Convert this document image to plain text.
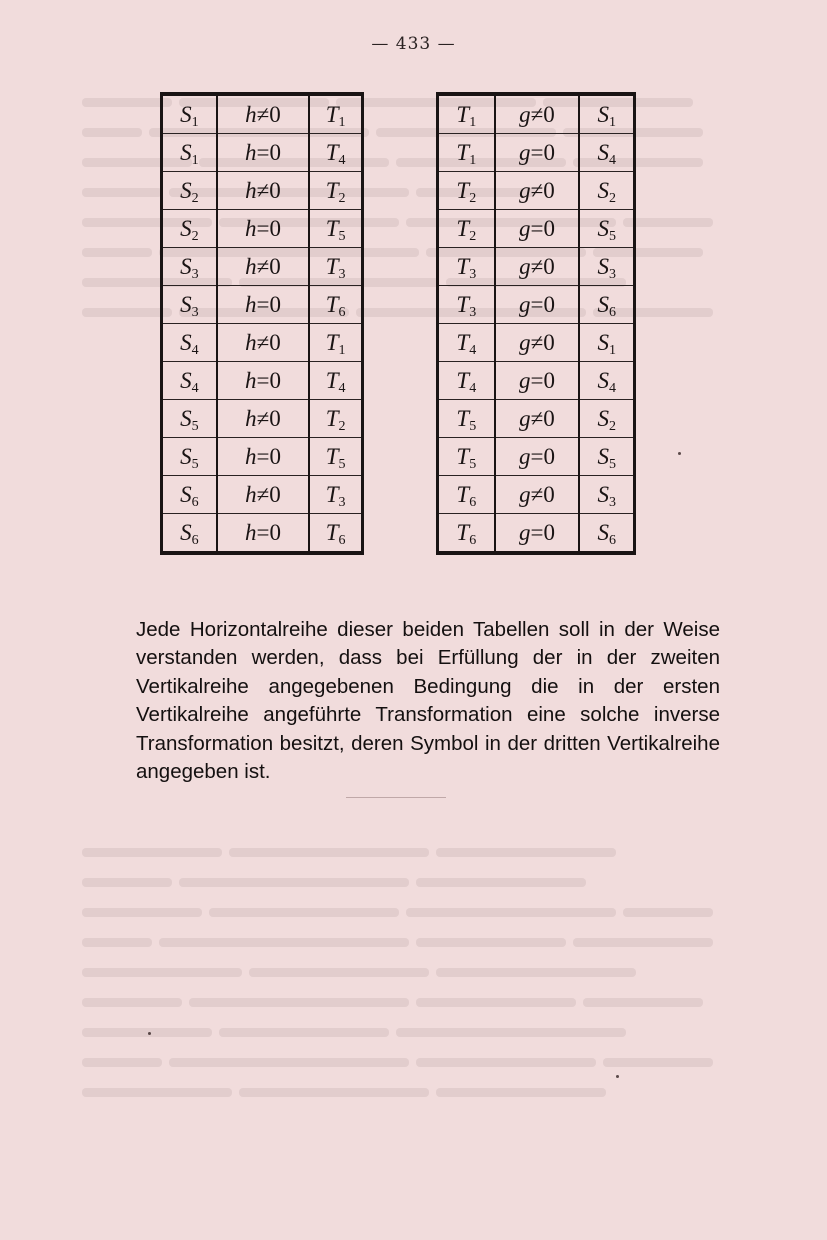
— 433 —
$S_1$	h≠0	$T_1$
$S_1$	h=0	$T_4$
$S_2$	h≠0	$T_2$
$S_2$	h=0	$T_5$
$S_3$	h≠0	$T_3$
$S_3$	h=0	$T_6$
$S_4$	h≠0	$T_1$
$S_4$	h=0	$T_4$
$S_5$	h≠0	$T_2$
$S_5$	h=0	$T_5$
$S_6$	h≠0	$T_3$
$S_6$	h=0	$T_6$
$T_1$	g≠0	$S_1$
$T_1$	g=0	$S_4$
$T_2$	g≠0	$S_2$
$T_2$	g=0	$S_5$
$T_3$	g≠0	$S_3$
$T_3$	g=0	$S_6$
$T_4$	g≠0	$S_1$
$T_4$	g=0	$S_4$
$T_5$	g≠0	$S_2$
$T_5$	g=0	$S_5$
$T_6$	g≠0	$S_3$
$T_6$	g=0	$S_6$

Jede Horizontalreihe dieser beiden Tabellen soll in der Weise verstanden werden, dass bei Erfüllung der in der zweiten Vertikalreihe angegebenen Bedingung die in der ersten Vertikalreihe angeführte Transformation eine solche inverse Transformation besitzt, deren Symbol in der dritten Vertikalreihe angegeben ist.
